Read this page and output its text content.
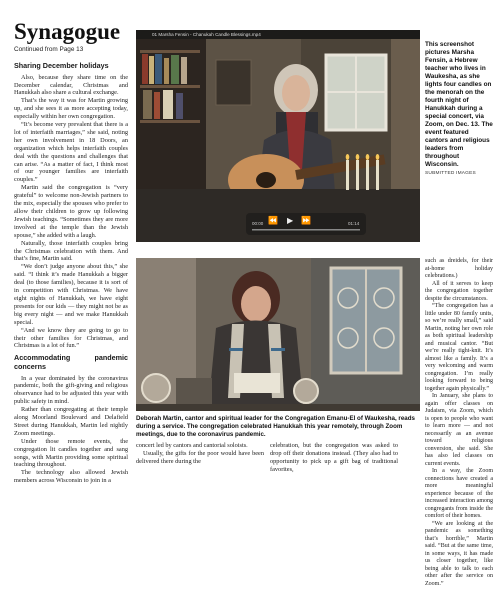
Synagogue
Continued from Page 13
Sharing December holidays

Also, because they share time on the December calendar, Christmas and Hanukkah also share a cultural exchange.

That’s the way it was for Martin growing up, and she sees it as more accepting today, especially within her own congregation.

“It’s become very prevalent that there is a lot of interfaith marriages,” she said, noting her own involvement in 18 Doors, an organization which helps interfaith couples deal with the questions and challenges that can arise. “As a matter of fact, I think most of our younger families are interfaith couples.”

Martin said the congregation is “very grateful” to welcome non-Jewish partners to the mix, especially the spouses who prefer to allow their children to grow up following Jewish teachings. “Sometimes they are more involved at the temple than the Jewish spouse,” she added with a laugh.

Naturally, those interfaith couples bring the Christmas celebration with them. And that’s fine, Martin said.

“We don’t judge anyone about this,” she said. “I think it’s made Hanukkah a bigger deal (to those families), because it is sort of in competition with Christmas. We have eight nights of Hanukkah, we have eight presents for our kids — they might not be as big every night — and we make Hanukkah special.

“And we know they are going to go to their other families for Christmas, and Christmas is a lot of fun.”

Accommodating pandemic concerns

In a year dominated by the coronavirus pandemic, both the gift-giving and religious observance had to be adjusted this year with public safety in mind.

Rather than congregating at their temple along Moorland Boulevard and Delafield Street during Hanukkah, Martin led nightly Zoom meetings.

Under those remote events, the congregation lit candles together and sang songs, with Martin providing some spiritual teaching throughout.

The technology also allowed Jewish members across Wisconsin to join in a

01 Marsha Fensin - Chanukah Candle Blessings.mp4
⏪ ▶ ⏩
00:00	01:14
This screenshot pictures Marsha Fensin, a Hebrew teacher who lives in Waukesha, as she lights four candles on the menorah on the fourth night of Hanukkah during a special concert, via Zoom, on Dec. 13. The event featured cantors and religious leaders from throughout Wisconsin.
SUBMITTED IMAGES
Deborah Martin, cantor and spiritual leader for the Congregation Emanu-El of Waukesha, reads during a service. The congregation celebrated Hanukkah this year remotely, through Zoom meetings, due to the coronavirus pandemic.

concert led by cantors and cantorial soloists.

Usually, the gifts for the poor would have been delivered there during the

celebration, but the congregation was asked to drop off their donations instead. (They also had to opportunity to pick up a gift bag of traditional favorites,

such as dreidels, for their at-home holiday celebrations.)

All of it serves to keep the congregation together despite the circumstances.

“The congregation has a little under 80 family units, so we’re really small,” said Martin, noting her own role as both spiritual leadership and musical cantor. “But we’re really tight-knit. It’s almost like a family. It’s a very welcoming and warm congregation. I’m really looking forward to being together again physically.”

In January, she plans to again offer classes on Judaism, via Zoom, which is open to people who want to learn more — and not necessarily as an avenue toward religious conversion, she said. She has also led classes on current events.

In a way, the Zoom connections have created a more meaningful experience because of the increased interaction among congregants from inside the comfort of their homes.

“We are looking at the pandemic as something that’s horrible,” Martin said. “But at the same time, in some ways, it has made us closer together, like being able to talk to each other after the service on Zoom.”
